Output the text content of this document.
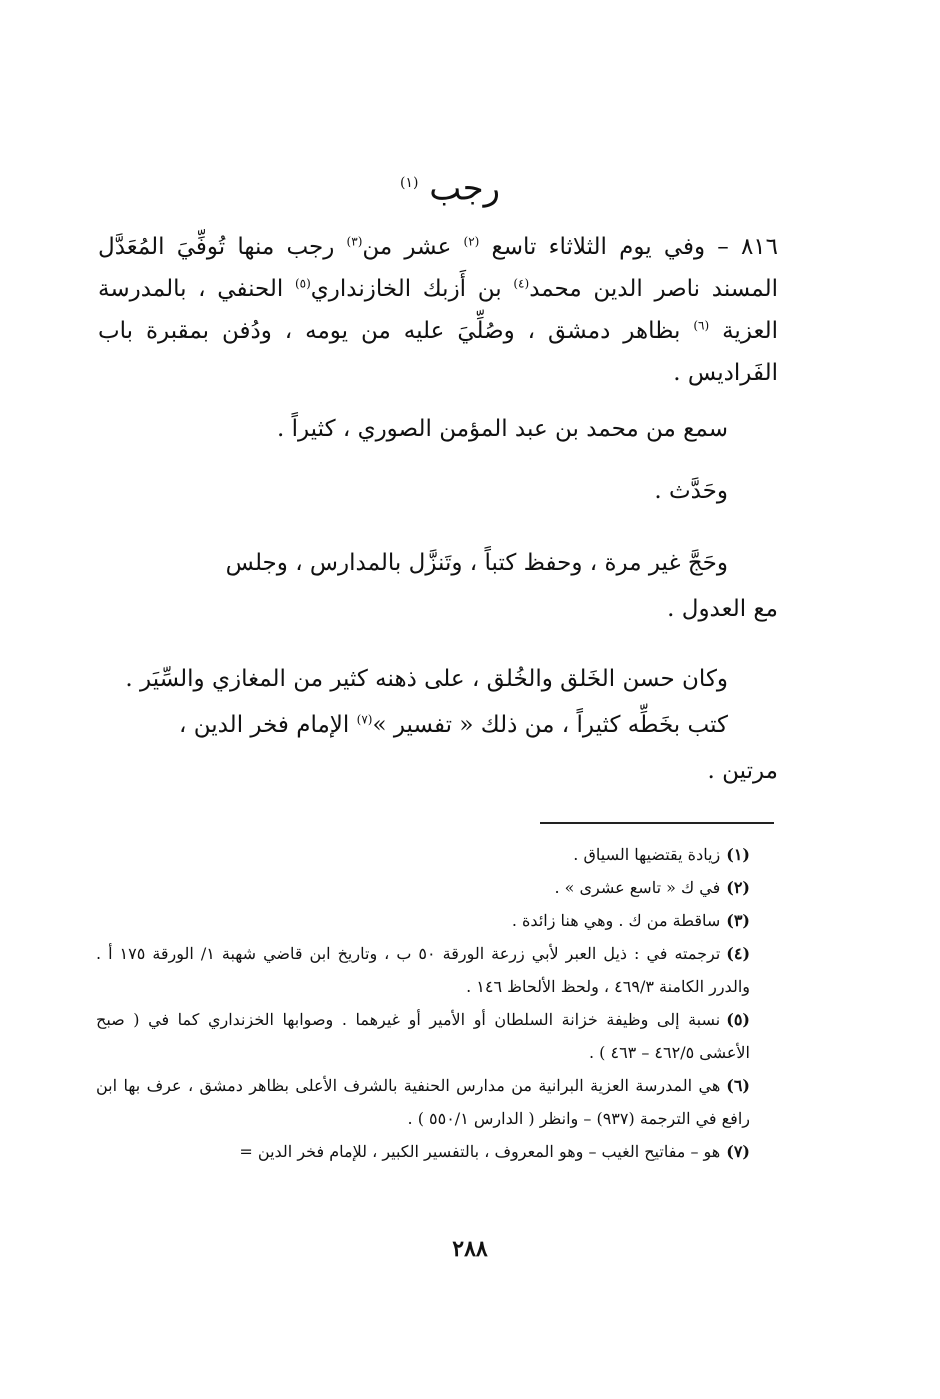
رجب $^{(١)}$

٨١٦ – وفي يوم الثلاثاء تاسع $^{(٢)}$ عشر من$^{(٣)}$ رجب منها تُوفِّيَ المُعَدَّل المسند ناصر الدين محمد$^{(٤)}$ بن أَزبك الخازنداري$^{(٥)}$ الحنفي ، بالمدرسة العزية $^{(٦)}$ بظاهر دمشق ، وصُلِّيَ عليه من يومه ، ودُفن بمقبرة باب الفَراديس .

سمع من محمد بن عبد المؤمن الصوري ، كثيراً .

وحَدَّث .

وحَجَّ غير مرة ، وحفظ كتباً ، وتَنزَّل بالمدارس ، وجلس

مع العدول .

وكان حسن الخَلق والخُلق ، على ذهنه كثير من المغازي والسِّيَر .

كتب بخَطِّه كثيراً ، من ذلك « تفسير »$^{(٧)}$ الإمام فخر الدين ،

مرتين .

(١)زيادة يقتضيها السياق .

(٢)في ك « تاسع عشرى » .

(٣)ساقطة من ك . وهي هنا زائدة .

(٤)ترجمته في : ذيل العبر لأبي زرعة الورقة ٥٠ ب ، وتاريخ ابن قاضي شهبة ١/ الورقة ١٧٥ أ . والدرر الكامنة ٤٦٩/٣ ، ولحظ الألحاظ ١٤٦ .

(٥)نسبة إلى وظيفة خزانة السلطان أو الأمير أو غيرهما . وصوابها الخزنداري كما في ( صبح الأعشى ٤٦٢/٥ – ٤٦٣ ) .

(٦)هي المدرسة العزية البرانية من مدارس الحنفية بالشرف الأعلى بظاهر دمشق ، عرف بها ابن رافع في الترجمة (٩٣٧) – وانظر ( الدارس ٥٥٠/١ ) .

(٧)هو – مفاتيح الغيب – وهو المعروف ، بالتفسير الكبير ، للإمام فخر الدين =

٢٨٨
